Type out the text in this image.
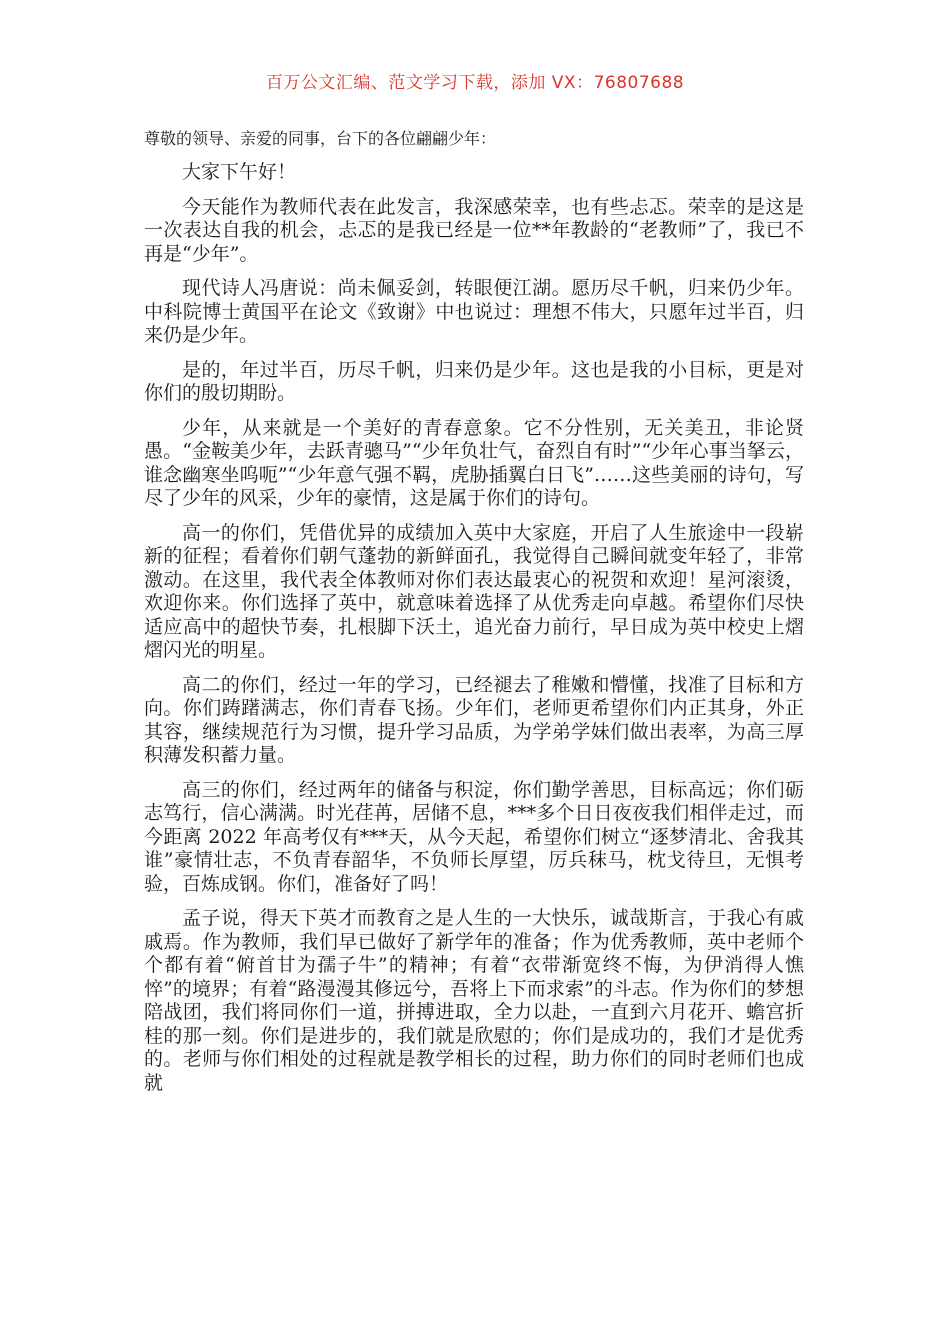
百万公文汇编、范文学习下载，添加 VX：76807688

尊敬的领导、亲爱的同事，台下的各位翩翩少年：

大家下午好！

今天能作为教师代表在此发言，我深感荣幸，也有些忐忑。荣幸的是这是一次表达自我的机会，忐忑的是我已经是一位**年教龄的“老教师”了，我已不再是“少年”。

现代诗人冯唐说：尚未佩妥剑，转眼便江湖。愿历尽千帆，归来仍少年。中科院博士黄国平在论文《致谢》中也说过：理想不伟大，只愿年过半百，归来仍是少年。

是的，年过半百，历尽千帆，归来仍是少年。这也是我的小目标，更是对你们的殷切期盼。

少年，从来就是一个美好的青春意象。它不分性别，无关美丑，非论贤愚。“金鞍美少年，去跃青骢马”“少年负壮气，奋烈自有时”“少年心事当拏云，谁念幽寒坐呜呃”“少年意气强不羁，虎胁插翼白日飞”……这些美丽的诗句，写尽了少年的风采，少年的豪情，这是属于你们的诗句。

高一的你们，凭借优异的成绩加入英中大家庭，开启了人生旅途中一段崭新的征程；看着你们朝气蓬勃的新鲜面孔，我觉得自己瞬间就变年轻了，非常激动。在这里，我代表全体教师对你们表达最衷心的祝贺和欢迎！星河滚烫，欢迎你来。你们选择了英中，就意味着选择了从优秀走向卓越。希望你们尽快适应高中的超快节奏，扎根脚下沃土，追光奋力前行，早日成为英中校史上熠熠闪光的明星。

高二的你们，经过一年的学习，已经褪去了稚嫩和懵懂，找准了目标和方向。你们踌躇满志，你们青春飞扬。少年们，老师更希望你们内正其身，外正其容，继续规范行为习惯，提升学习品质，为学弟学妹们做出表率，为高三厚积薄发积蓄力量。

高三的你们，经过两年的储备与积淀，你们勤学善思，目标高远；你们砺志笃行，信心满满。时光荏苒，居储不息，***多个日日夜夜我们相伴走过，而今距离 2022 年高考仅有***天，从今天起，希望你们树立“逐梦清北、舍我其谁”豪情壮志，不负青春韶华，不负师长厚望，厉兵秣马，枕戈待旦，无惧考验，百炼成钢。你们，准备好了吗！

孟子说，得天下英才而教育之是人生的一大快乐，诚哉斯言，于我心有戚戚焉。作为教师，我们早已做好了新学年的准备；作为优秀教师，英中老师个个都有着“俯首甘为孺子牛”的精神；有着“衣带渐宽终不悔，为伊消得人憔悴”的境界；有着“路漫漫其修远兮，吾将上下而求索”的斗志。作为你们的梦想陪战团，我们将同你们一道，拼搏进取，全力以赴，一直到六月花开、蟾宫折桂的那一刻。你们是进步的，我们就是欣慰的；你们是成功的，我们才是优秀的。老师与你们相处的过程就是教学相长的过程，助力你们的同时老师们也成就
